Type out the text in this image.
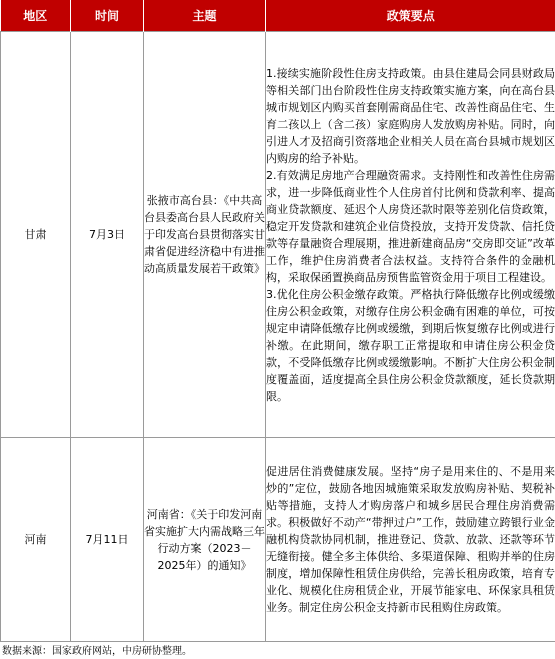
地区	时间	主题	政策要点
甘肃	7月3日	张掖市高台县：《中共高台县委高台县人民政府关于印发高台县贯彻落实甘肃省促进经济稳中有进推动高质量发展若干政策》	1.接续实施阶段性住房支持政策。由县住建局会同县财政局等相关部门出台阶段性住房支持政策实施方案，向在高台县城市规划区内购买首套刚需商品住宅、改善性商品住宅、生育二孩以上（含二孩）家庭购房人发放购房补贴。同时，向引进人才及招商引资落地企业相关人员在高台县城市规划区内购房的给予补贴。

2.有效满足房地产合理融资需求。支持刚性和改善性住房需求，进一步降低商业性个人住房首付比例和贷款利率、提高商业贷款额度、延迟个人房贷还款时限等差别化信贷政策，稳定开发贷款和建筑企业信贷投放，支持开发贷款、信托贷款等存量融资合理展期，推进新建商品房“交房即交证”改革工作，维护住房消费者合法权益。支持符合条件的金融机构，采取保函置换商品房预售监管资金用于项目工程建设。

3.优化住房公积金缴存政策。严格执行降低缴存比例或缓缴住房公积金政策，对缴存住房公积金确有困难的单位，可按规定申请降低缴存比例或缓缴，到期后恢复缴存比例或进行补缴。在此期间，缴存职工正常提取和申请住房公积金贷款，不受降低缴存比例或缓缴影响。不断扩大住房公积金制度覆盖面，适度提高全县住房公积金贷款额度，延长贷款期限。

河南	7月11日	河南省：《关于印发河南省实施扩大内需战略三年行动方案（2023－2025年）的通知》	促进居住消费健康发展。坚持“房子是用来住的、不是用来炒的”定位，鼓励各地因城施策采取发放购房补贴、契税补贴等措施，支持人才购房落户和城乡居民合理住房消费需求。积极做好不动产“带押过户”工作，鼓励建立跨银行业金融机构贷款协同机制，推进登记、贷款、放款、还款等环节无缝衔接。健全多主体供给、多渠道保障、租购并举的住房制度，增加保障性租赁住房供给，完善长租房政策，培育专业化、规模化住房租赁企业，开展节能家电、环保家具租赁业务。制定住房公积金支持新市民租购住房政策。

数据来源：国家政府网站，中房研协整理。
